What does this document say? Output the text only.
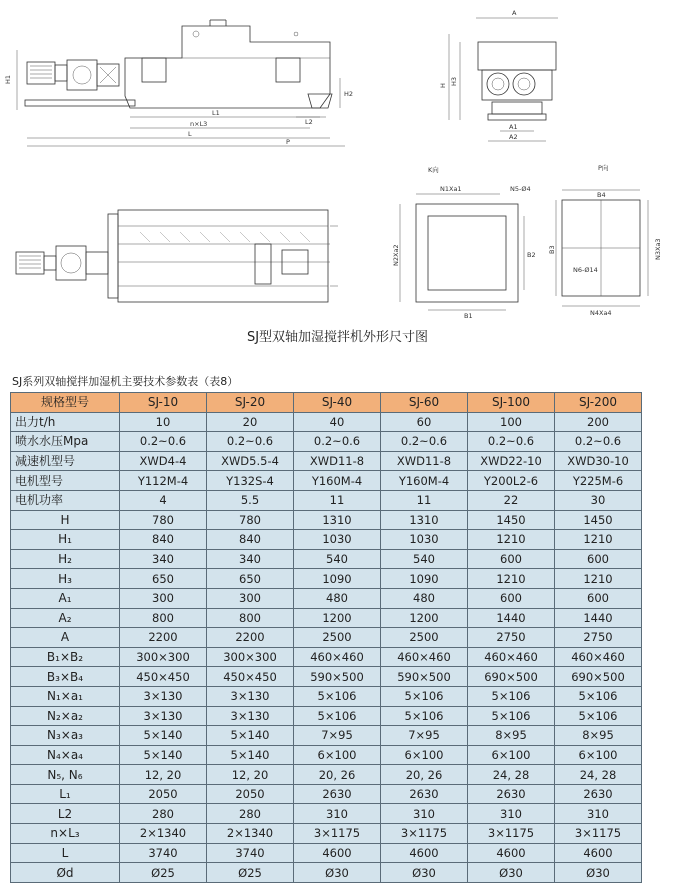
H1
H2
L1
L2
n×L3
L
P
A
H H3
A1
A2
K向
N1Xa1	N5-Ø4
N2Xa2	B2
B1
P向
B4
B3	N3Xa3
N6-Ø14
N4Xa4
SJ型双轴加湿搅拌机外形尺寸图
SJ系列双轴搅拌加湿机主要技术参数表（表8）
规格型号	SJ-10	SJ-20	SJ-40	SJ-60	SJ-100	SJ-200
出力t/h	10	20	40	60	100	200
喷水水压Mpa	0.2~0.6	0.2~0.6	0.2~0.6	0.2~0.6	0.2~0.6	0.2~0.6
减速机型号	XWD4-4	XWD5.5-4	XWD11-8	XWD11-8	XWD22-10	XWD30-10
电机型号	Y112M-4	Y132S-4	Y160M-4	Y160M-4	Y200L2-6	Y225M-6
电机功率	4	5.5	11	11	22	30
H	780	780	1310	1310	1450	1450
H₁	840	840	1030	1030	1210	1210
H₂	340	340	540	540	600	600
H₃	650	650	1090	1090	1210	1210
A₁	300	300	480	480	600	600
A₂	800	800	1200	1200	1440	1440
A	2200	2200	2500	2500	2750	2750
B₁×B₂	300×300	300×300	460×460	460×460	460×460	460×460
B₃×B₄	450×450	450×450	590×500	590×500	690×500	690×500
N₁×a₁	3×130	3×130	5×106	5×106	5×106	5×106
N₂×a₂	3×130	3×130	5×106	5×106	5×106	5×106
N₃×a₃	5×140	5×140	7×95	7×95	8×95	8×95
N₄×a₄	5×140	5×140	6×100	6×100	6×100	6×100
N₅, N₆	12, 20	12, 20	20, 26	20, 26	24, 28	24, 28
L₁	2050	2050	2630	2630	2630	2630
L2	280	280	310	310	310	310
n×L₃	2×1340	2×1340	3×1175	3×1175	3×1175	3×1175
L	3740	3740	4600	4600	4600	4600
Ød	Ø25	Ø25	Ø30	Ø30	Ø30	Ø30
